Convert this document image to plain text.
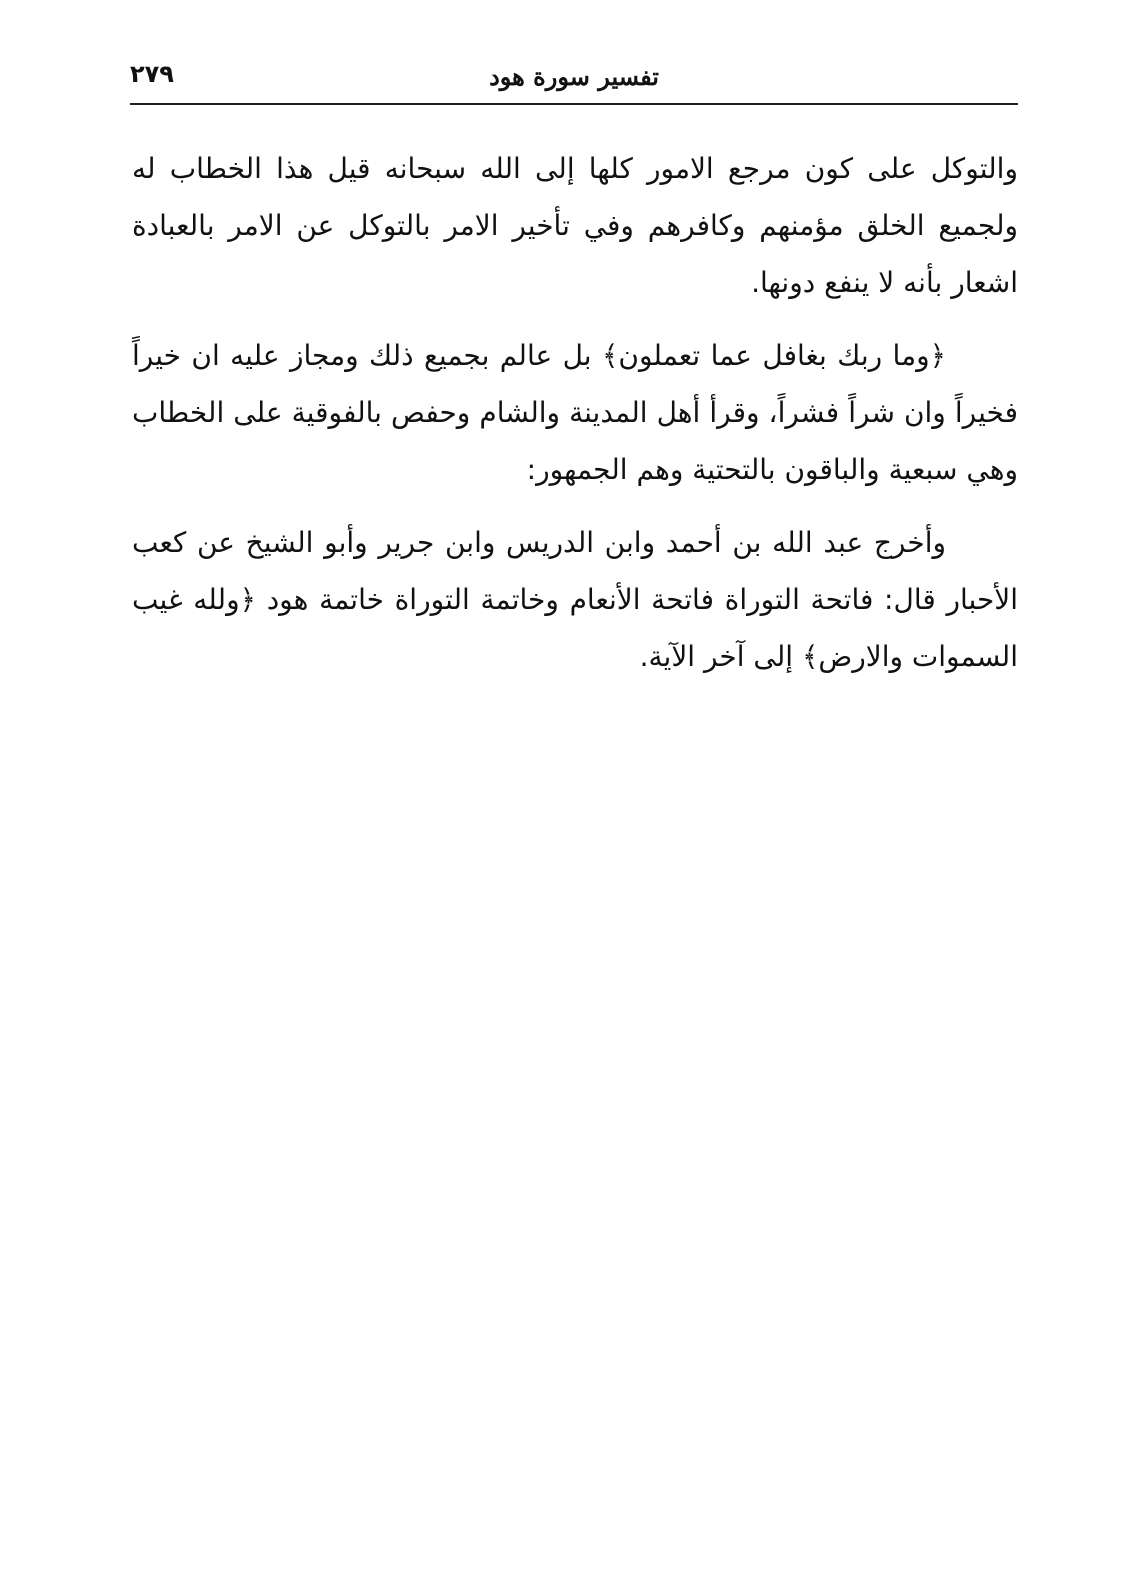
تفسير سورة هود
٢٧٩

والتوكل على كون مرجع الامور كلها إلى الله سبحانه قيل هذا الخطاب له ولجميع الخلق مؤمنهم وكافرهم وفي تأخير الامر بالتوكل عن الامر بالعبادة اشعار بأنه لا ينفع دونها.

﴿وما ربك بغافل عما تعملون﴾ بل عالم بجميع ذلك ومجاز عليه ان خيراً فخيراً وان شراً فشراً، وقرأ أهل المدينة والشام وحفص بالفوقية على الخطاب وهي سبعية والباقون بالتحتية وهم الجمهور:

وأخرج عبد الله بن أحمد وابن الدريس وابن جرير وأبو الشيخ عن كعب الأحبار قال: فاتحة التوراة فاتحة الأنعام وخاتمة التوراة خاتمة هود ﴿ولله غيب السموات والارض﴾ إلى آخر الآية.
